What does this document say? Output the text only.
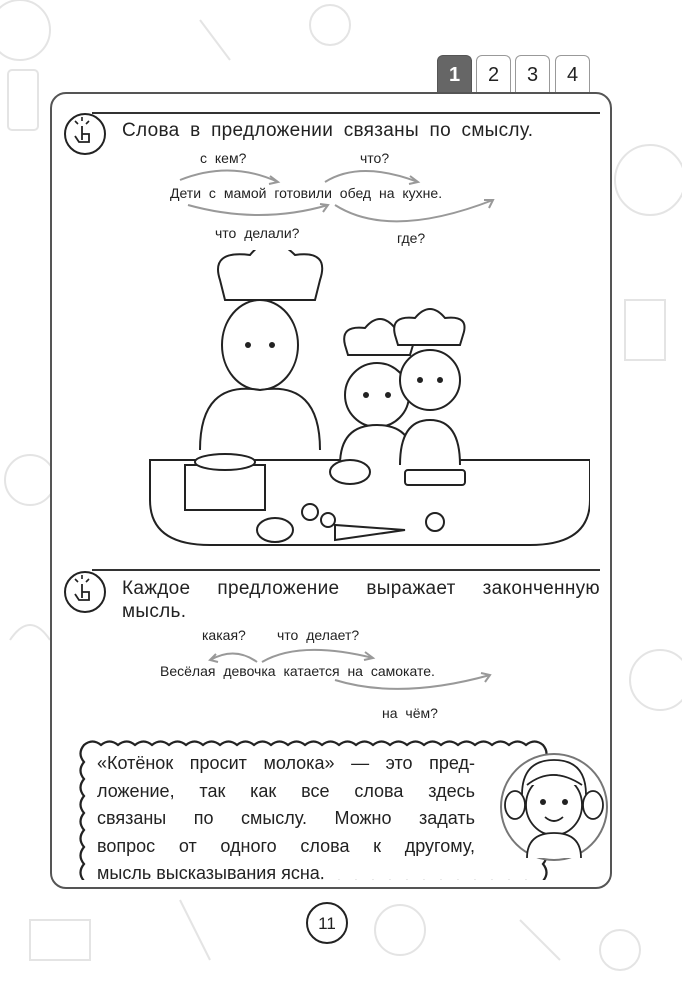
1	2	3	4
Слова в предложении связаны по смыслу.
с кем?	что?
Дети с мамой готовили обед на кухне.
что делали?	где?
Каждое предложение выражает законченную
мысль.
какая? что делает?
Весёлая девочка катается на самокате.
на чём?
«Котёнок просит молока» — это пред-
ложение, так как все слова здесь
связаны по смыслу. Можно задать
вопрос от одного слова к другому,
мысль высказывания ясна.
11
